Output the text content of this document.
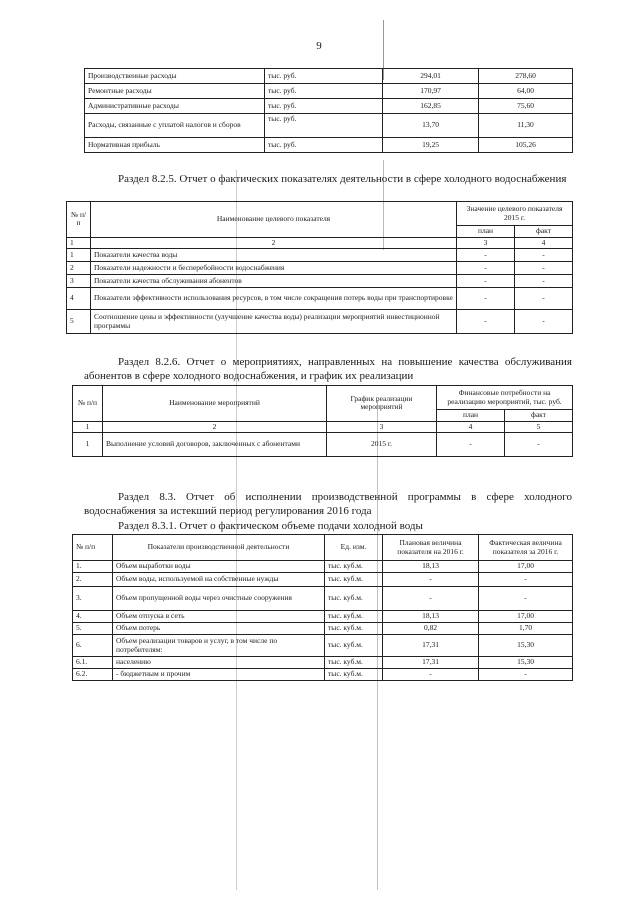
9
Производственные расходы	тыс. руб.	294,01	278,60
Ремонтные расходы	тыс. руб.	170,97	64,00
Административные расходы	тыс. руб.	162,85	75,60
Расходы, связанные с уплатой налогов и сборов	тыс. руб.	13,70	11,30
Нормативная прибыль	тыс. руб.	19,25	105,26
Раздел 8.2.5. Отчет о фактических показателях деятельности в сфере холодного водоснабжения
№ п/п	Наименование целевого показателя	Значение целевого показателя 2015 г.	
		план	факт
1	2	3	4
1	Показатели качества воды	-	-
2	Показатели надежности и бесперебойности водоснабжения	-	-
3	Показатели качества обслуживания абонентов	-	-
4	Показатели эффективности использования ресурсов, в том числе сокращения потерь воды при транспортировке	-	-
5	Соотношение цены и эффективности (улучшение качества воды) реализации мероприятий инвестиционной программы	-	-
Раздел 8.2.6. Отчет о мероприятиях, направленных на повышение качества обслуживания абонентов в сфере холодного водоснабжения, и график их реализации
№ п/п	Наименование мероприятий	График реализации мероприятий	Финансовые потребности на реализацию мероприятий, тыс. руб.	
			план	факт
1	2	3	4	5
1	Выполнение условий договоров, заключенных с абонентами	2015 г.	-	-
Раздел 8.3. Отчет об исполнении производственной программы в сфере холодного водоснабжения за истекший период регулирования 2016 года
Раздел 8.3.1. Отчет о фактическом объеме подачи холодной воды
№ п/п	Показатели производственной деятельности	Ед. изм.	Плановая величина показателя на 2016 г.	Фактическая величина показателя за 2016 г.
1.	Объем выработки воды	тыс. куб.м.	18,13	17,00
2.	Объем воды, используемой на собственные нужды	тыс. куб.м.	-	-
3.	Объем пропущенной воды через очистные сооружения	тыс. куб.м.	-	-
4.	Объем отпуска в сеть	тыс. куб.м.	18,13	17,00
5.	Объем потерь	тыс. куб.м.	0,82	1,70
6.	Объем реализации товаров и услуг, в том числе по потребителям:	тыс. куб.м.	17,31	15,30
6.1.	населению	тыс. куб.м.	17,31	15,30
6.2.	- бюджетным и прочим	тыс. куб.м.	-	-
